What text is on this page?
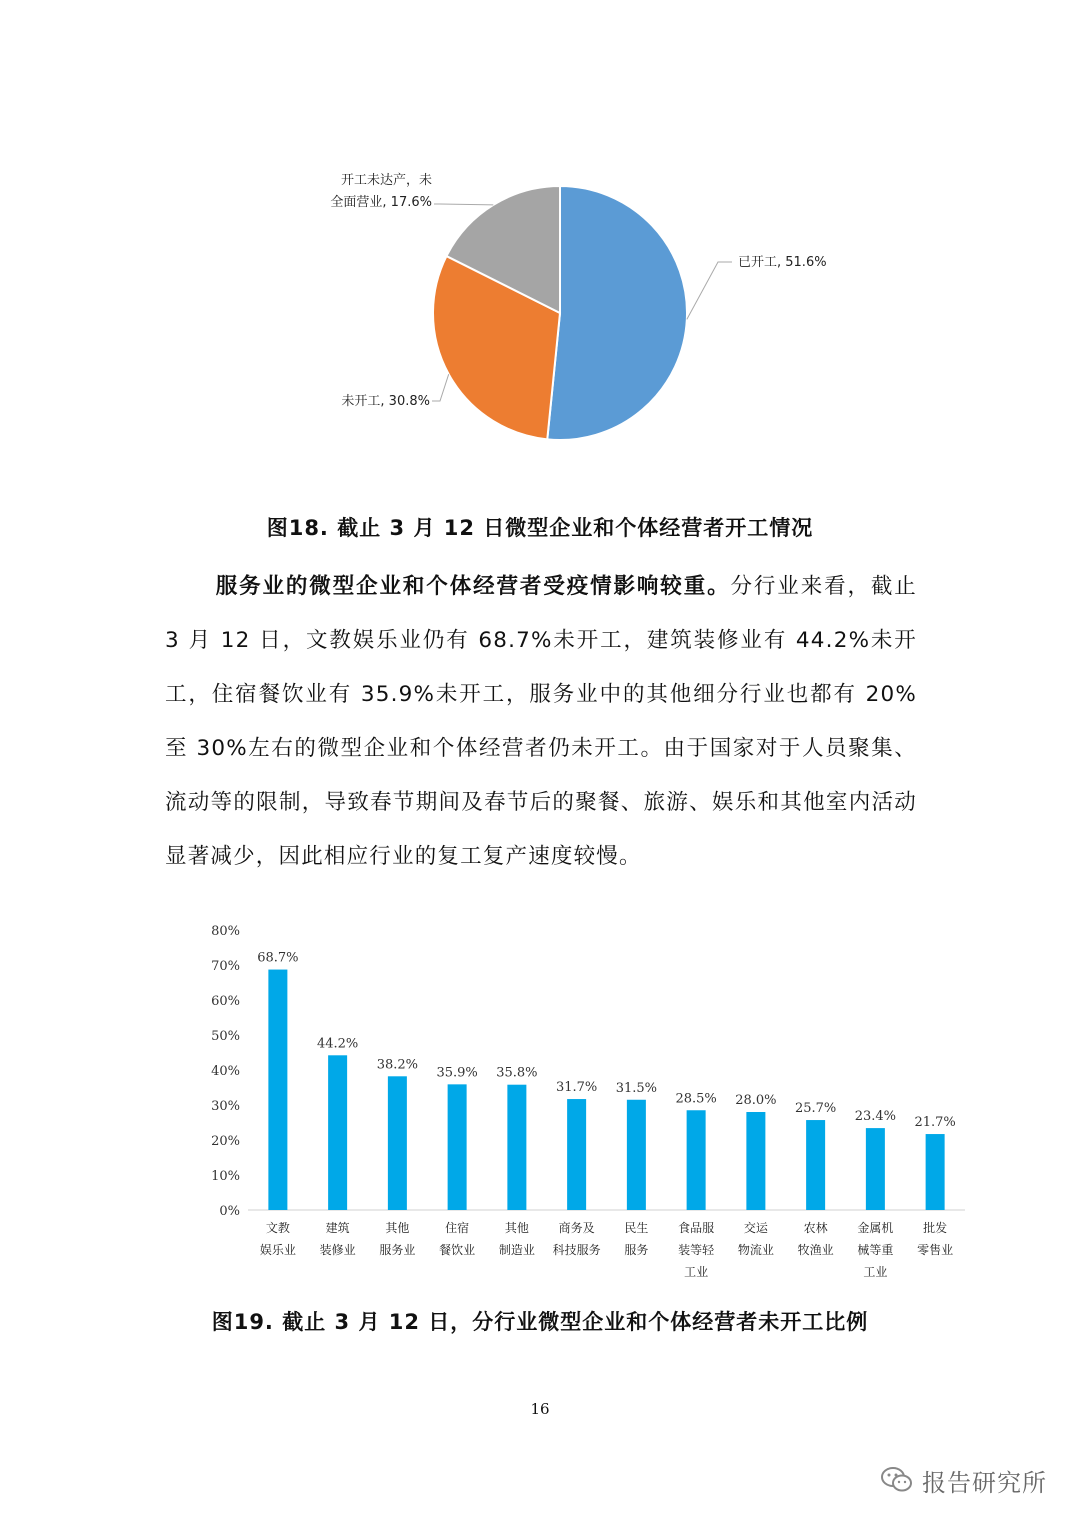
已开工, 51.6%
未开工, 30.8%
开工未达产，未
全面营业, 17.6%
图18. 截止 3 月 12 日微型企业和个体经营者开工情况

服务业的微型企业和个体经营者受疫情影响较重。分行业来看，截止 3 月 12 日，文教娱乐业仍有 68.7%未开工，建筑装修业有 44.2%未开工，住宿餐饮业有 35.9%未开工，服务业中的其他细分行业也都有 20%至 30%左右的微型企业和个体经营者仍未开工。由于国家对于人员聚集、流动等的限制，导致春节期间及春节后的聚餐、旅游、娱乐和其他室内活动显著减少，因此相应行业的复工复产速度较慢。

0%
10%
20%
30%
40%
50%
60%
70%
80%
68.7%
文教
娱乐业
44.2%
建筑
装修业
38.2%
其他
服务业
35.9%
住宿
餐饮业
35.8%
其他
制造业
31.7%
商务及
科技服务
31.5%
民生
服务
28.5%
食品服
装等轻
工业
28.0%
交运
物流业
25.7%
农林
牧渔业
23.4%
金属机
械等重
工业
21.7%
批发
零售业
图19. 截止 3 月 12 日，分行业微型企业和个体经营者未开工比例
16
报告研究所
